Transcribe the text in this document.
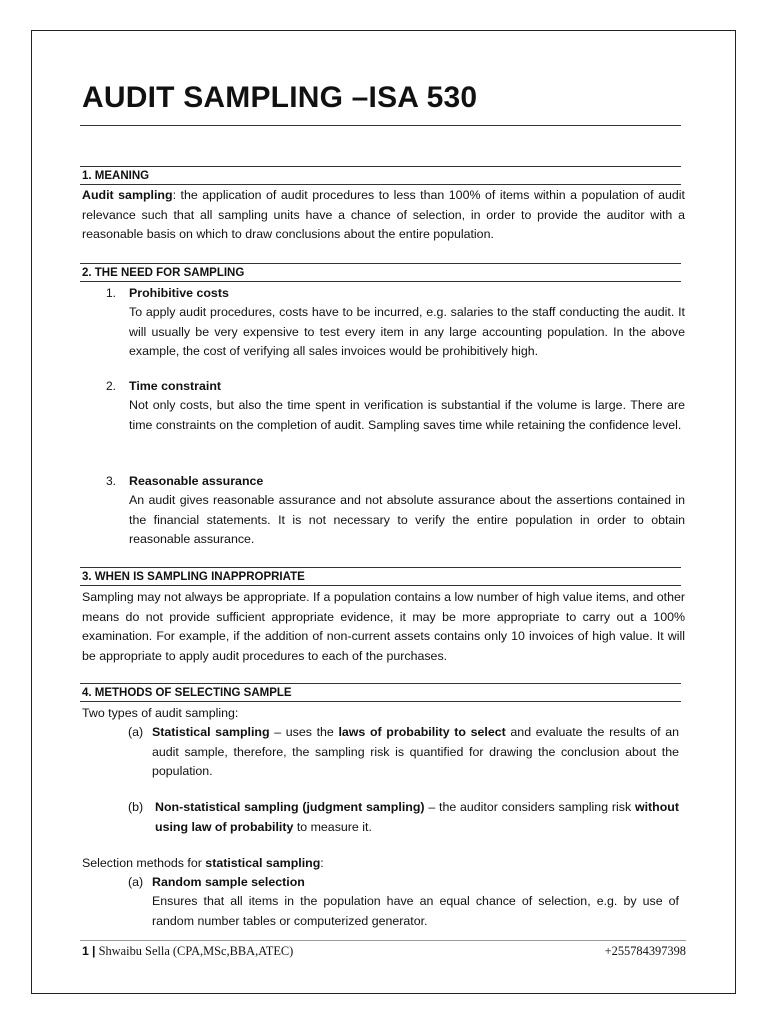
AUDIT SAMPLING –ISA 530
1. MEANING

Audit sampling: the application of audit procedures to less than 100% of items within a population of audit relevance such that all sampling units have a chance of selection, in order to provide the auditor with a reasonable basis on which to draw conclusions about the entire population.

2. THE NEED FOR SAMPLING
1. Prohibitive costs

To apply audit procedures, costs have to be incurred, e.g. salaries to the staff conducting the audit. It will usually be very expensive to test every item in any large accounting population. In the above example, the cost of verifying all sales invoices would be prohibitively high.

2. Time constraint

Not only costs, but also the time spent in verification is substantial if the volume is large. There are time constraints on the completion of audit. Sampling saves time while retaining the confidence level.

3. Reasonable assurance

An audit gives reasonable assurance and not absolute assurance about the assertions contained in the financial statements. It is not necessary to verify the entire population in order to obtain reasonable assurance.

3. WHEN IS SAMPLING INAPPROPRIATE

Sampling may not always be appropriate. If a population contains a low number of high value items, and other means do not provide sufficient appropriate evidence, it may be more appropriate to carry out a 100% examination. For example, if the addition of non-current assets contains only 10 invoices of high value. It will be appropriate to apply audit procedures to each of the purchases.

4. METHODS OF SELECTING SAMPLE
Two types of audit sampling:
(a) Statistical sampling – uses the laws of probability to select and evaluate the results of an audit sample, therefore, the sampling risk is quantified for drawing the conclusion about the population.

(b) Non-statistical sampling (judgment sampling) – the auditor considers sampling risk without using law of probability to measure it.

Selection methods for statistical sampling:
(a) Random sample selection

Ensures that all items in the population have an equal chance of selection, e.g. by use of random number tables or computerized generator.

1 | Shwaibu Sella (CPA,MSc,BBA,ATEC)	+255784397398
